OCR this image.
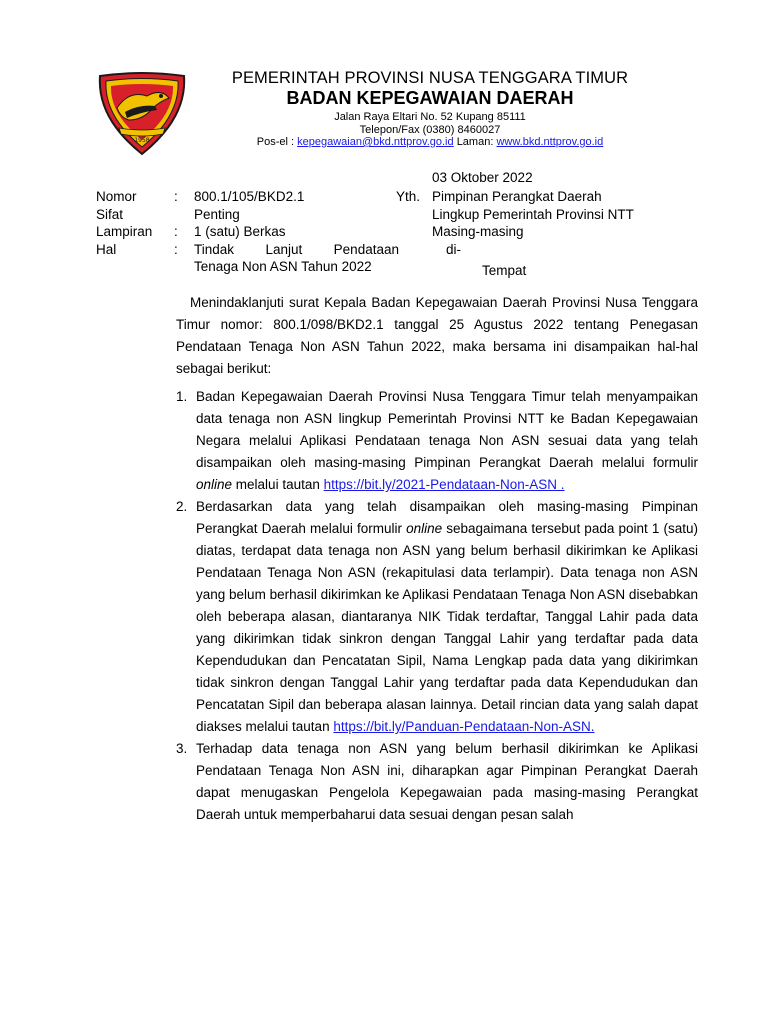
1958
PEMERINTAH PROVINSI NUSA TENGGARA TIMUR
BADAN KEPEGAWAIAN DAERAH
Jalan Raya Eltari No. 52 Kupang 85111
Telepon/Fax (0380) 8460027
Pos-el : kepegawaian@bkd.nttprov.go.id Laman: www.bkd.nttprov.go.id
03 Oktober 2022
Nomor	: 800.1/105/BKD2.1
Sifat	Penting
Lampiran : 1 (satu) Berkas
Hal	: Tindak Lanjut Pendataan
Tenaga Non ASN Tahun 2022
Yth. Pimpinan Perangkat Daerah
Lingkup Pemerintah Provinsi NTT
Masing-masing
di-
Tempat

Menindaklanjuti surat Kepala Badan Kepegawaian Daerah Provinsi Nusa Tenggara Timur nomor: 800.1/098/BKD2.1 tanggal 25 Agustus 2022 tentang Penegasan Pendataan Tenaga Non ASN Tahun 2022, maka bersama ini disampaikan hal-hal sebagai berikut:

1. Badan Kepegawaian Daerah Provinsi Nusa Tenggara Timur telah menyampaikan data tenaga non ASN lingkup Pemerintah Provinsi NTT ke Badan Kepegawaian Negara melalui Aplikasi Pendataan tenaga Non ASN sesuai data yang telah disampaikan oleh masing-masing Pimpinan Perangkat Daerah melalui formulir online melalui tautan https://bit.ly/2021-Pendataan-Non-ASN .
2. Berdasarkan data yang telah disampaikan oleh masing-masing Pimpinan Perangkat Daerah melalui formulir online sebagaimana tersebut pada point 1 (satu) diatas, terdapat data tenaga non ASN yang belum berhasil dikirimkan ke Aplikasi Pendataan Tenaga Non ASN (rekapitulasi data terlampir). Data tenaga non ASN yang belum berhasil dikirimkan ke Aplikasi Pendataan Tenaga Non ASN disebabkan oleh beberapa alasan, diantaranya NIK Tidak terdaftar, Tanggal Lahir pada data yang dikirimkan tidak sinkron dengan Tanggal Lahir yang terdaftar pada data Kependudukan dan Pencatatan Sipil, Nama Lengkap pada data yang dikirimkan tidak sinkron dengan Tanggal Lahir yang terdaftar pada data Kependudukan dan Pencatatan Sipil dan beberapa alasan lainnya. Detail rincian data yang salah dapat diakses melalui tautan https://bit.ly/Panduan-Pendataan-Non-ASN.
3. Terhadap data tenaga non ASN yang belum berhasil dikirimkan ke Aplikasi Pendataan Tenaga Non ASN ini, diharapkan agar Pimpinan Perangkat Daerah dapat menugaskan Pengelola Kepegawaian pada masing-masing Perangkat Daerah untuk memperbaharui data sesuai dengan pesan salah
